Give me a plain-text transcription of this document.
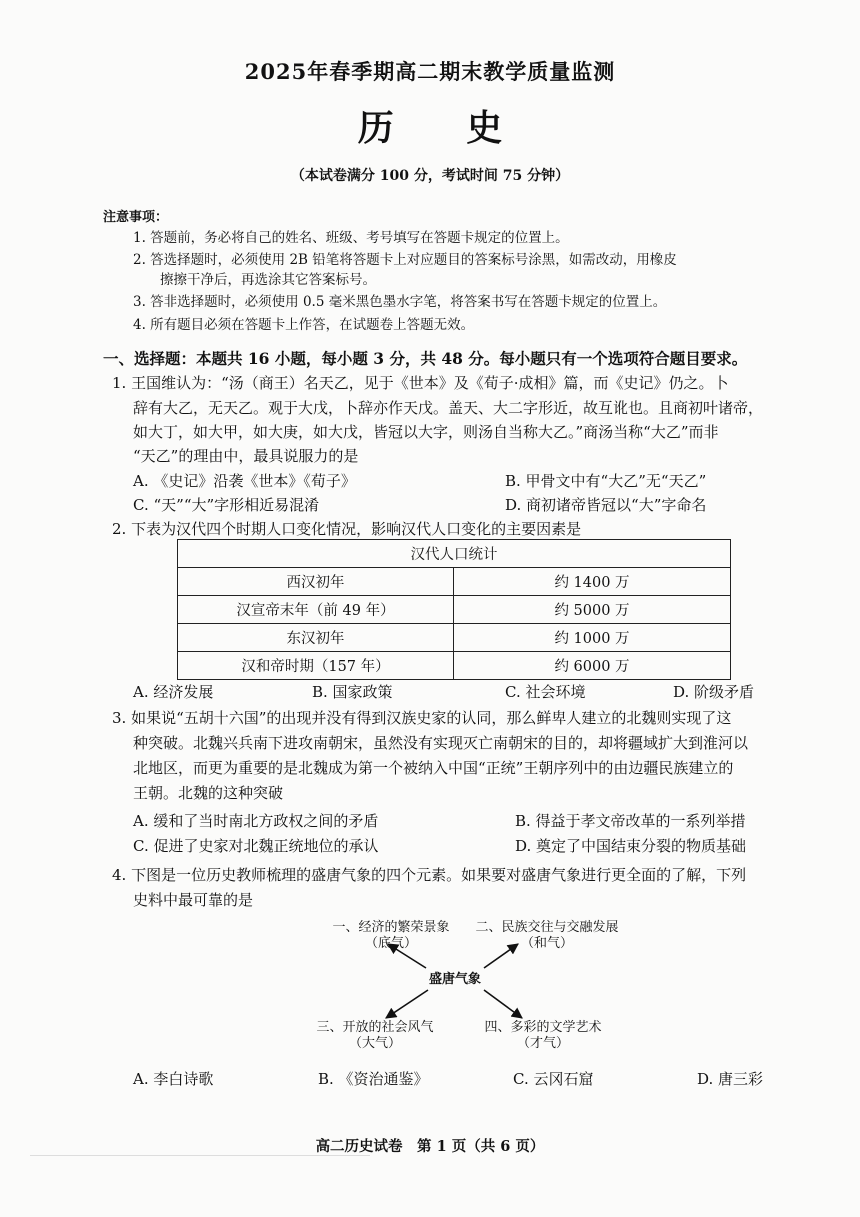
2025年春季期高二期末教学质量监测
历 史
（本试卷满分 100 分，考试时间 75 分钟）
注意事项：
1. 答题前，务必将自己的姓名、班级、考号填写在答题卡规定的位置上。
2. 答选择题时，必须使用 2B 铅笔将答题卡上对应题目的答案标号涂黑，如需改动，用橡皮
擦擦干净后，再选涂其它答案标号。
3. 答非选择题时，必须使用 0.5 毫米黑色墨水字笔，将答案书写在答题卡规定的位置上。
4. 所有题目必须在答题卡上作答，在试题卷上答题无效。
一、选择题：本题共 16 小题，每小题 3 分，共 48 分。每小题只有一个选项符合题目要求。
1. 王国维认为：“汤（商王）名天乙，见于《世本》及《荀子·成相》篇，而《史记》仍之。卜
辞有大乙，无天乙。观于大戊，卜辞亦作天戊。盖天、大二字形近，故互讹也。且商初叶诸帝，
如大丁，如大甲，如大庚，如大戊，皆冠以大字，则汤自当称大乙。”商汤当称“大乙”而非
“天乙”的理由中，最具说服力的是
A. 《史记》沿袭《世本》《荀子》	B. 甲骨文中有“大乙”无“天乙”
C. “天”“大”字形相近易混淆	D. 商初诸帝皆冠以“大”字命名
2. 下表为汉代四个时期人口变化情况，影响汉代人口变化的主要因素是
汉代人口统计	
西汉初年	约 1400 万
汉宣帝末年（前 49 年）	约 5000 万
东汉初年	约 1000 万
汉和帝时期（157 年）	约 6000 万
A. 经济发展	B. 国家政策	C. 社会环境	D. 阶级矛盾
3. 如果说“五胡十六国”的出现并没有得到汉族史家的认同，那么鲜卑人建立的北魏则实现了这
种突破。北魏兴兵南下进攻南朝宋，虽然没有实现灭亡南朝宋的目的，却将疆域扩大到淮河以
北地区，而更为重要的是北魏成为第一个被纳入中国“正统”王朝序列中的由边疆民族建立的
王朝。北魏的这种突破
A. 缓和了当时南北方政权之间的矛盾	B. 得益于孝文帝改革的一系列举措
C. 促进了史家对北魏正统地位的承认	D. 奠定了中国结束分裂的物质基础
4. 下图是一位历史教师梳理的盛唐气象的四个元素。如果要对盛唐气象进行更全面的了解，下列
史料中最可靠的是
一、经济的繁荣景象
（底气）
二、民族交往与交融发展
（和气）
盛唐气象
三、开放的社会风气
（大气）
四、多彩的文学艺术
（才气）
A. 李白诗歌	B. 《资治通鉴》	C. 云冈石窟	D. 唐三彩
高二历史试卷　第 1 页（共 6 页）
